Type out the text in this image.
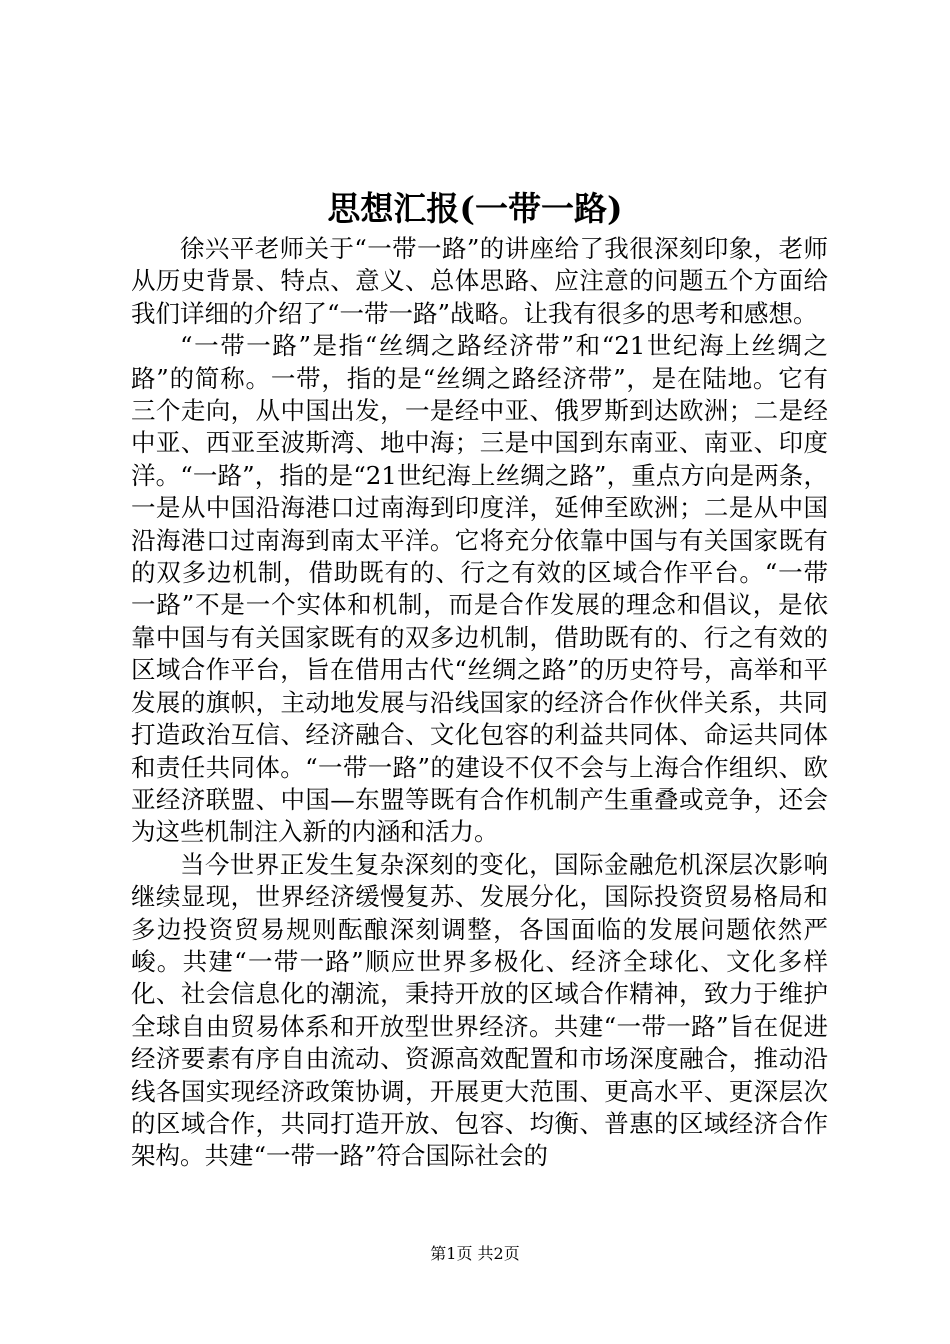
思想汇报(一带一路)

徐兴平老师关于“一带一路”的讲座给了我很深刻印象，老师从历史背景、特点、意义、总体思路、应注意的问题五个方面给我们详细的介绍了“一带一路”战略。让我有很多的思考和感想。

“一带一路”是指“丝绸之路经济带”和“21世纪海上丝绸之路”的简称。一带，指的是“丝绸之路经济带”，是在陆地。它有三个走向，从中国出发，一是经中亚、俄罗斯到达欧洲；二是经中亚、西亚至波斯湾、地中海；三是中国到东南亚、南亚、印度洋。“一路”，指的是“21世纪海上丝绸之路”，重点方向是两条，一是从中国沿海港口过南海到印度洋，延伸至欧洲；二是从中国沿海港口过南海到南太平洋。它将充分依靠中国与有关国家既有的双多边机制，借助既有的、行之有效的区域合作平台。“一带一路”不是一个实体和机制，而是合作发展的理念和倡议，是依靠中国与有关国家既有的双多边机制，借助既有的、行之有效的区域合作平台，旨在借用古代“丝绸之路”的历史符号，高举和平发展的旗帜，主动地发展与沿线国家的经济合作伙伴关系，共同打造政治互信、经济融合、文化包容的利益共同体、命运共同体和责任共同体。“一带一路”的建设不仅不会与上海合作组织、欧亚经济联盟、中国—东盟等既有合作机制产生重叠或竞争，还会为这些机制注入新的内涵和活力。

当今世界正发生复杂深刻的变化，国际金融危机深层次影响继续显现，世界经济缓慢复苏、发展分化，国际投资贸易格局和多边投资贸易规则酝酿深刻调整，各国面临的发展问题依然严峻。共建“一带一路”顺应世界多极化、经济全球化、文化多样化、社会信息化的潮流，秉持开放的区域合作精神，致力于维护全球自由贸易体系和开放型世界经济。共建“一带一路”旨在促进经济要素有序自由流动、资源高效配置和市场深度融合，推动沿线各国实现经济政策协调，开展更大范围、更高水平、更深层次的区域合作，共同打造开放、包容、均衡、普惠的区域经济合作架构。共建“一带一路”符合国际社会的

第1页 共2页
